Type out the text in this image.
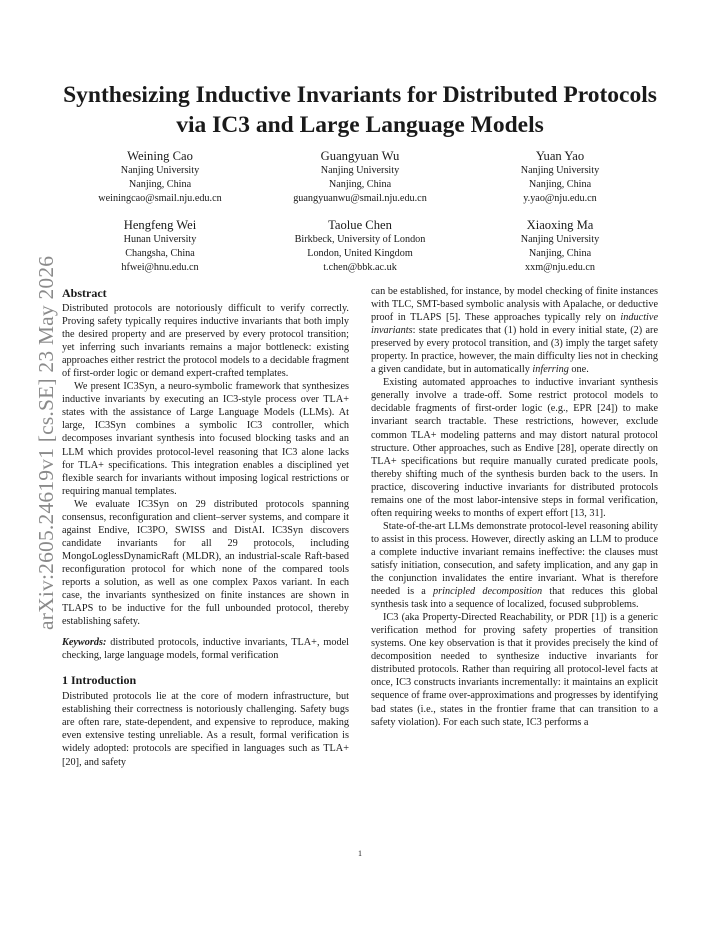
arXiv:2605.24619v1 [cs.SE] 23 May 2026
Synthesizing Inductive Invariants for Distributed Protocols via IC3 and Large Language Models
Weining Cao
Nanjing University
Nanjing, China
weiningcao@smail.nju.edu.cn
Guangyuan Wu
Nanjing University
Nanjing, China
guangyuanwu@smail.nju.edu.cn
Yuan Yao
Nanjing University
Nanjing, China
y.yao@nju.edu.cn
Hengfeng Wei
Hunan University
Changsha, China
hfwei@hnu.edu.cn
Taolue Chen
Birkbeck, University of London
London, United Kingdom
t.chen@bbk.ac.uk
Xiaoxing Ma
Nanjing University
Nanjing, China
xxm@nju.edu.cn
Abstract

Distributed protocols are notoriously difficult to verify correctly. Proving safety typically requires inductive invariants that both imply the desired property and are preserved by every protocol transition; yet inferring such invariants remains a major bottleneck: existing approaches either restrict the protocol models to a decidable fragment of first-order logic or demand expert-crafted templates.

We present IC3Syn, a neuro-symbolic framework that synthesizes inductive invariants by executing an IC3-style process over TLA+ states with the assistance of Large Language Models (LLMs). At large, IC3Syn combines a symbolic IC3 controller, which decomposes invariant synthesis into focused blocking tasks and an LLM which provides protocol-level reasoning that IC3 alone lacks for TLA+ specifications. This integration enables a disciplined yet flexible search for invariants without imposing logical restrictions or requiring manual templates.

We evaluate IC3Syn on 29 distributed protocols spanning consensus, reconfiguration and client–server systems, and compare it against Endive, IC3PO, SWISS and DistAI. IC3Syn discovers candidate invariants for all 29 protocols, including MongoLoglessDynamicRaft (MLDR), an industrial-scale Raft-based reconfiguration protocol for which none of the compared tools reports a solution, as well as one complex Paxos variant. In each case, the invariants synthesized on finite instances are shown in TLAPS to be inductive for the full unbounded protocol, thereby establishing safety.

Keywords: distributed protocols, inductive invariants, TLA+, model checking, large language models, formal verification

1 Introduction

Distributed protocols lie at the core of modern infrastructure, but establishing their correctness is notoriously challenging. Safety bugs are often rare, state-dependent, and expensive to reproduce, making even extensive testing unreliable. As a result, formal verification is widely adopted: protocols are specified in languages such as TLA+ [20], and safety

can be established, for instance, by model checking of finite instances with TLC, SMT-based symbolic analysis with Apalache, or deductive proof in TLAPS [5]. These approaches typically rely on inductive invariants: state predicates that (1) hold in every initial state, (2) are preserved by every protocol transition, and (3) imply the target safety property. In practice, however, the main difficulty lies not in checking a given candidate, but in automatically inferring one.

Existing automated approaches to inductive invariant synthesis generally involve a trade-off. Some restrict protocol models to decidable fragments of first-order logic (e.g., EPR [24]) to make invariant search tractable. These restrictions, however, exclude common TLA+ modeling patterns and may distort natural protocol structure. Other approaches, such as Endive [28], operate directly on TLA+ specifications but require manually curated predicate pools, thereby shifting much of the synthesis burden back to the users. In practice, discovering inductive invariants for distributed protocols remains one of the most labor-intensive steps in formal verification, often requiring weeks to months of expert effort [13, 31].

State-of-the-art LLMs demonstrate protocol-level reasoning ability to assist in this process. However, directly asking an LLM to produce a complete inductive invariant remains ineffective: the clauses must satisfy initiation, consecution, and safety implication, and any gap in the conjunction invalidates the entire invariant. What is therefore needed is a principled decomposition that reduces this global synthesis task into a sequence of localized, focused subproblems.

IC3 (aka Property-Directed Reachability, or PDR [1]) is a generic verification method for proving safety properties of transition systems. One key observation is that it provides precisely the kind of decomposition needed to synthesize inductive invariants for distributed protocols. Rather than requiring all protocol-level facts at once, IC3 constructs invariants incrementally: it maintains an explicit sequence of frame over-approximations and progresses by identifying bad states (i.e., states in the frontier frame that can transition to a safety violation). For each such state, IC3 performs a

1
